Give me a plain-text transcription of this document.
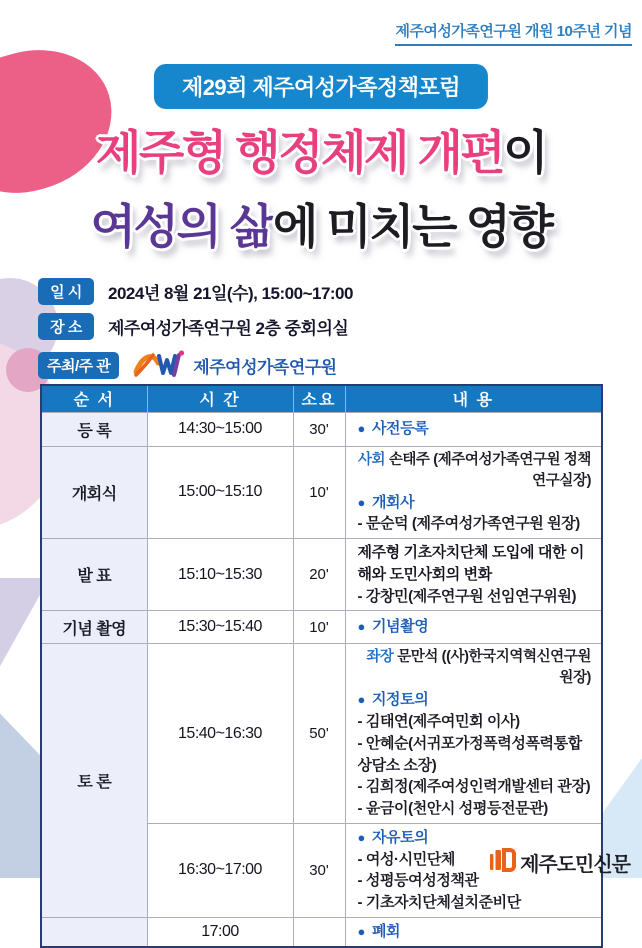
제주여성가족연구원 개원 10주년 기념
제29회 제주여성가족정책포럼
제주형 행정체제 개편이
여성의 삶에 미치는 영향
일 시	2024년 8월 21일(수), 15:00~17:00
장 소	제주여성가족연구원 2층 중회의실
주최/주 관	제주여성가족연구원
순 서	시 간	소요	내 용
등 록	14:30~15:00	30'	● 사전등록

개회식	15:00~15:10	10'	사회 손태주 (제주여성가족연구원 정책연구실장)
● 개회사
- 문순덕 (제주여성가족연구원 원장)

발 표	15:10~15:30	20'	제주형 기초자치단체 도입에 대한 이해와 도민사회의 변화
- 강창민(제주연구원 선임연구위원)

기념 촬영	15:30~15:40	10'	● 기념촬영

토 론	15:40~16:30	50'	
좌장 문만석 ((사)한국지역혁신연구원 원장)
● 지정토의
- 김태연(제주여민회 이사)
- 안혜순(서귀포가정폭력성폭력통합상담소 소장)
- 김희정(제주여성인력개발센터 관장)
- 윤금이(천안시 성평등전문관)

	16:30~17:00	30'	● 자유토의
- 여성·시민단체
- 성평등여성정책관
- 기초자치단체설치준비단

	17:00		● 폐회
제주도민신문
